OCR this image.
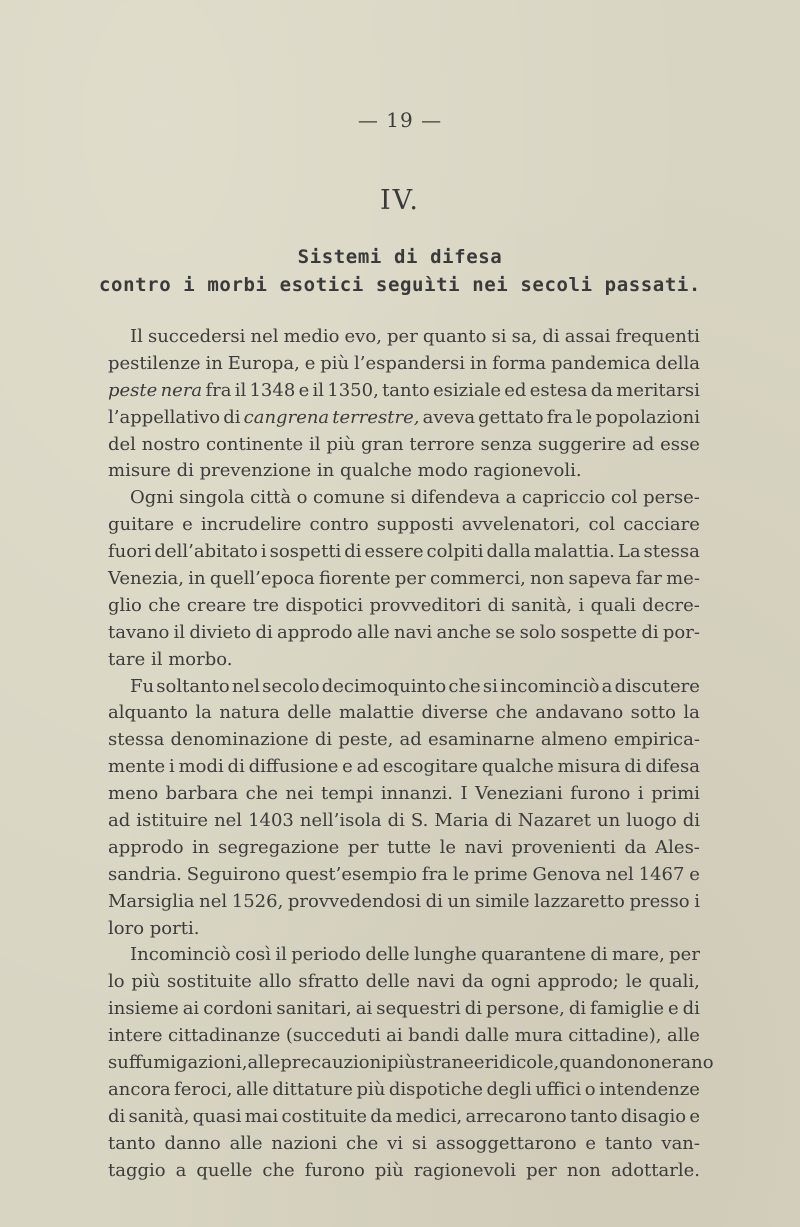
— 19 —
IV.
Sistemi di difesa
contro i morbi esotici seguìti nei secoli passati.
Il succedersi nel medio evo, per quanto si sa, di assai frequenti
pestilenze in Europa, e più l’espandersi in forma pandemica della
peste nera fra il 1348 e il 1350, tanto esiziale ed estesa da meritarsi
l’appellativo di cangrena terrestre, aveva gettato fra le popolazioni
del nostro continente il più gran terrore senza suggerire ad esse
misure di prevenzione in qualche modo ragionevoli.
Ogni singola città o comune si difendeva a capriccio col perse-
guitare e incrudelire contro supposti avvelenatori, col cacciare
fuori dell’abitato i sospetti di essere colpiti dalla malattia. La stessa
Venezia, in quell’epoca fiorente per commerci, non sapeva far me-
glio che creare tre dispotici provveditori di sanità, i quali decre-
tavano il divieto di approdo alle navi anche se solo sospette di por-
tare il morbo.
Fu soltanto nel secolo decimoquinto che si incominciò a discutere
alquanto la natura delle malattie diverse che andavano sotto la
stessa denominazione di peste, ad esaminarne almeno empirica-
mente i modi di diffusione e ad escogitare qualche misura di difesa
meno barbara che nei tempi innanzi. I Veneziani furono i primi
ad istituire nel 1403 nell’isola di S. Maria di Nazaret un luogo di
approdo in segregazione per tutte le navi provenienti da Ales-
sandria. Seguirono quest’esempio fra le prime Genova nel 1467 e
Marsiglia nel 1526, provvedendosi di un simile lazzaretto presso i
loro porti.
Incominciò così il periodo delle lunghe quarantene di mare, per
lo più sostituite allo sfratto delle navi da ogni approdo; le quali,
insieme ai cordoni sanitari, ai sequestri di persone, di famiglie e di
intere cittadinanze (succeduti ai bandi dalle mura cittadine), alle
suffumigazioni, alle precauzioni più strane e ridicole, quando non erano
ancora feroci, alle dittature più dispotiche degli uffici o intendenze
di sanità, quasi mai costituite da medici, arrecarono tanto disagio e
tanto danno alle nazioni che vi si assoggettarono e tanto van-
taggio a quelle che furono più ragionevoli per non adottarle.
